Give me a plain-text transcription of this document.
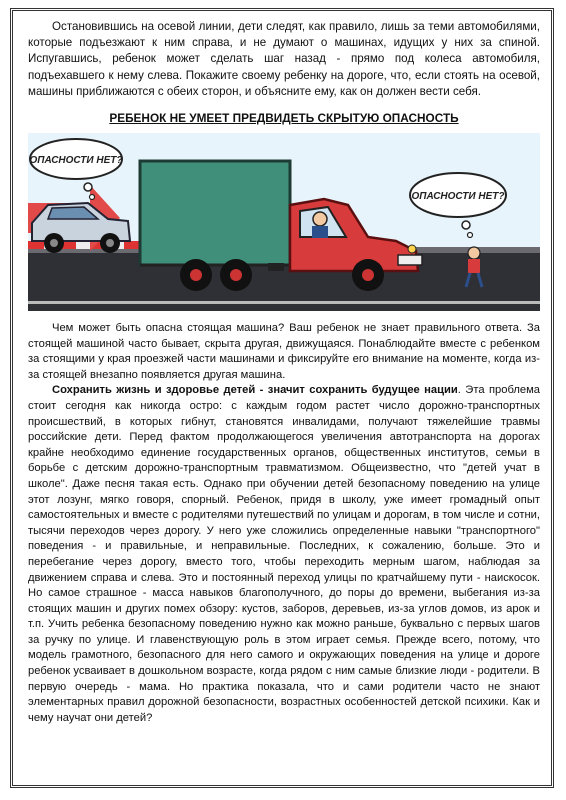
Остановившись на осевой линии, дети следят, как правило, лишь за теми автомобилями, которые подъезжают к ним справа, и не думают о машинах, идущих у них за спиной. Испугавшись, ребенок может сделать шаг назад - прямо под колеса автомобиля, подъехавшего к нему слева. Покажите своему ребенку на дороге, что, если стоять на осевой, машины приближаются с обеих сторон, и объясните ему, как он должен вести себя.

РЕБЕНОК НЕ УМЕЕТ ПРЕДВИДЕТЬ СКРЫТУЮ ОПАСНОСТЬ
ОПАСНОСТИ НЕТ?
ОПАСНОСТИ НЕТ?

Чем может быть опасна стоящая машина? Ваш ребенок не знает правильного ответа. За стоящей машиной часто бывает, скрыта другая, движущаяся. Понаблюдайте вместе с ребенком за стоящими у края проезжей части машинами и фиксируйте его внимание на моменте, когда из-за стоящей внезапно появляется другая машина.

Сохранить жизнь и здоровье детей - значит сохранить будущее нации. Эта проблема стоит сегодня как никогда остро: с каждым годом растет число дорожно-транспортных происшествий, в которых гибнут, становятся инвалидами, получают тяжелейшие травмы российские дети. Перед фактом продолжающегося увеличения автотранспорта на дорогах крайне необходимо единение государственных органов, общественных институтов, семьи в борьбе с детским дорожно-транспортным травматизмом. Общеизвестно, что "детей учат в школе". Даже песня такая есть. Однако при обучении детей безопасному поведению на улице этот лозунг, мягко говоря, спорный. Ребенок, придя в школу, уже имеет громадный опыт самостоятельных и вместе с родителями путешествий по улицам и дорогам, в том числе и сотни, тысячи переходов через дорогу. У него уже сложились определенные навыки "транспортного" поведения - и правильные, и неправильные. Последних, к сожалению, больше. Это и перебегание через дорогу, вместо того, чтобы переходить мерным шагом, наблюдая за движением справа и слева. Это и постоянный переход улицы по кратчайшему пути - наискосок. Но самое страшное - масса навыков благополучного, до поры до времени, выбегания из-за стоящих машин и других помех обзору: кустов, заборов, деревьев, из-за углов домов, из арок и т.п. Учить ребенка безопасному поведению нужно как можно раньше, буквально с первых шагов за ручку по улице. И главенствующую роль в этом играет семья. Прежде всего, потому, что модель грамотного, безопасного для него самого и окружающих поведения на улице и дороге ребенок усваивает в дошкольном возрасте, когда рядом с ним самые близкие люди - родители. В первую очередь - мама. Но практика показала, что и сами родители часто не знают элементарных правил дорожной безопасности, возрастных особенностей детской психики. Как и чему научат они детей?
